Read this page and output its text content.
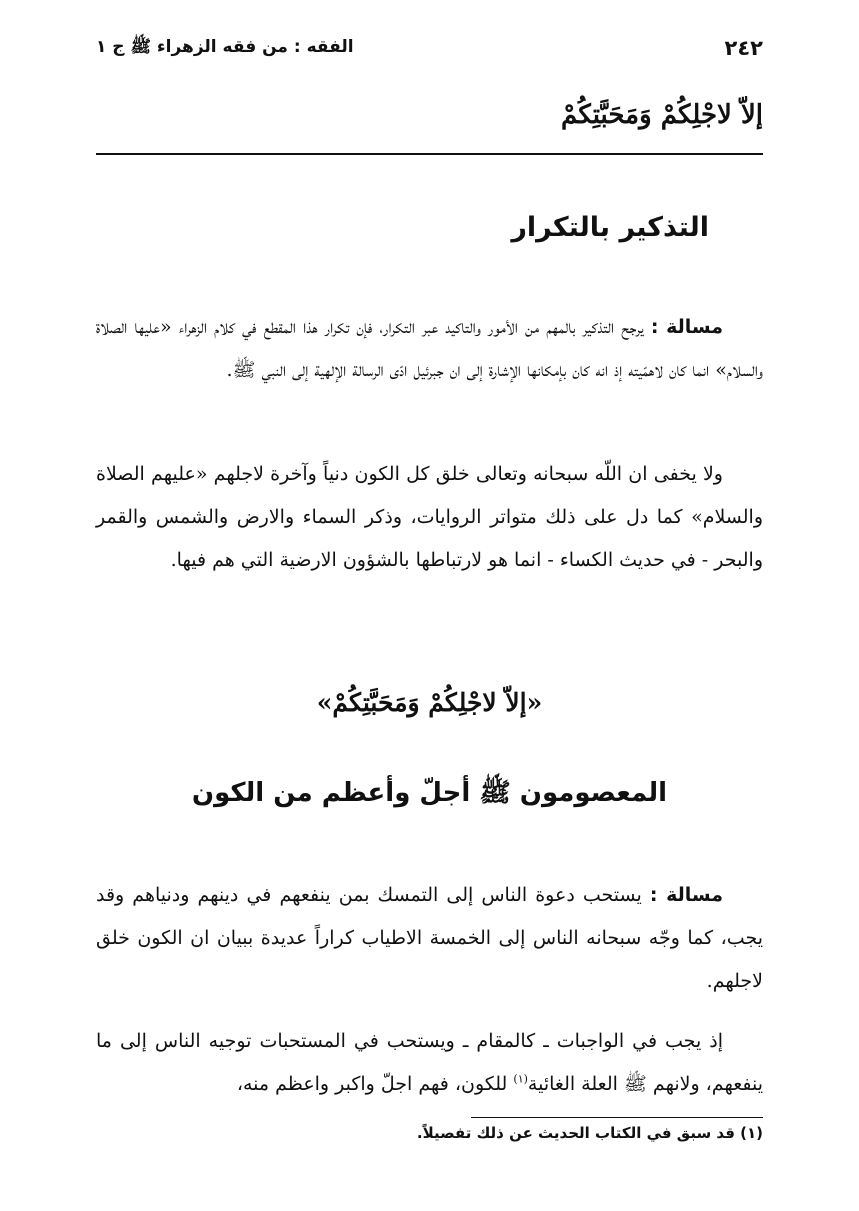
٢٤٢
الفقه : من فقه الزهراء ﷺ ج ١
إلاّ لاجْلِكُمْ وَمَحَبَّتِكُمْ
التذكير بالتكرار

مسالة : يرجح التذكير بالمهم من الأمور والتاكيد عبر التكرار، فإن تكرار هذا المقطع في كلام الزهراء «عليها الصلاة والسلام» انما كان لاهمّيته إذ انه كان بإمكانها الإشارة إلى ان جبرئيل ادّى الرسالة الإلهية إلى النبي ﷺ.

ولا يخفى ان اللّه سبحانه وتعالى خلق كل الكون دنياً وآخرة لاجلهم «عليهم الصلاة والسلام» كما دل على ذلك متواتر الروايات، وذكر السماء والارض والشمس والقمر والبحر - في حديث الكساء - انما هو لارتباطها بالشؤون الارضية التي هم فيها.

«إلاّ لاجْلِكُمْ وَمَحَبَّتِكُمْ»
المعصومون ﷺ أجلّ وأعظم من الكون

مسالة : يستحب دعوة الناس إلى التمسك بمن ينفعهم في دينهم ودنياهم وقد يجب، كما وجّه سبحانه الناس إلى الخمسة الاطياب كراراً عديدة ببيان ان الكون خلق لاجلهم.

إذ يجب في الواجبات ـ كالمقام ـ ويستحب في المستحبات توجيه الناس إلى ما ينفعهم، ولانهم ﷺ العلة الغائية$^{(١)}$ للكون، فهم اجلّ واكبر واعظم منه،

(١) قد سبق في الكتاب الحديث عن ذلك تفصيلاً.
